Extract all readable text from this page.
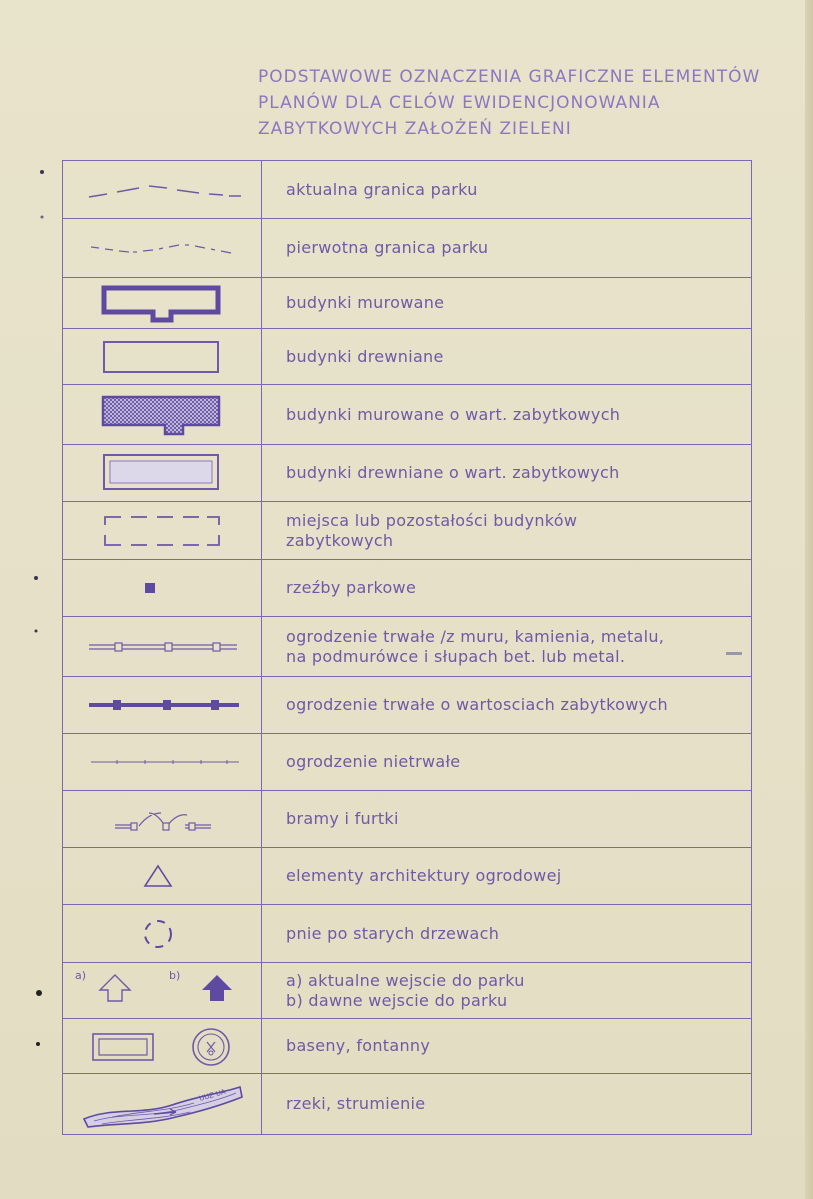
PODSTAWOWE OZNACZENIA GRAFICZNE ELEMENTÓW
PLANÓW DLA CELÓW EWIDENCJONOWANIA
ZABYTKOWYCH ZAŁOŻEŃ ZIELENI
aktualna granica parku
pierwotna granica parku
budynki murowane
budynki drewniane
budynki murowane o wart. zabytkowych
budynki drewniane o wart. zabytkowych
miejsca lub pozostałości budynków
zabytkowych
rzeźby parkowe
ogrodzenie trwałe /z muru, kamienia, metalu,
na podmurówce i słupach bet. lub metal.
ogrodzenie trwałe o wartosciach zabytkowych
ogrodzenie nietrwałe
bramy i furtki
elementy architektury ogrodowej
pnie po starych drzewach
a)	b)	a) aktualne wejscie do parku
b) dawne wejscie do parku
baseny, fontanny
UUZ UA	rzeki, strumienie
